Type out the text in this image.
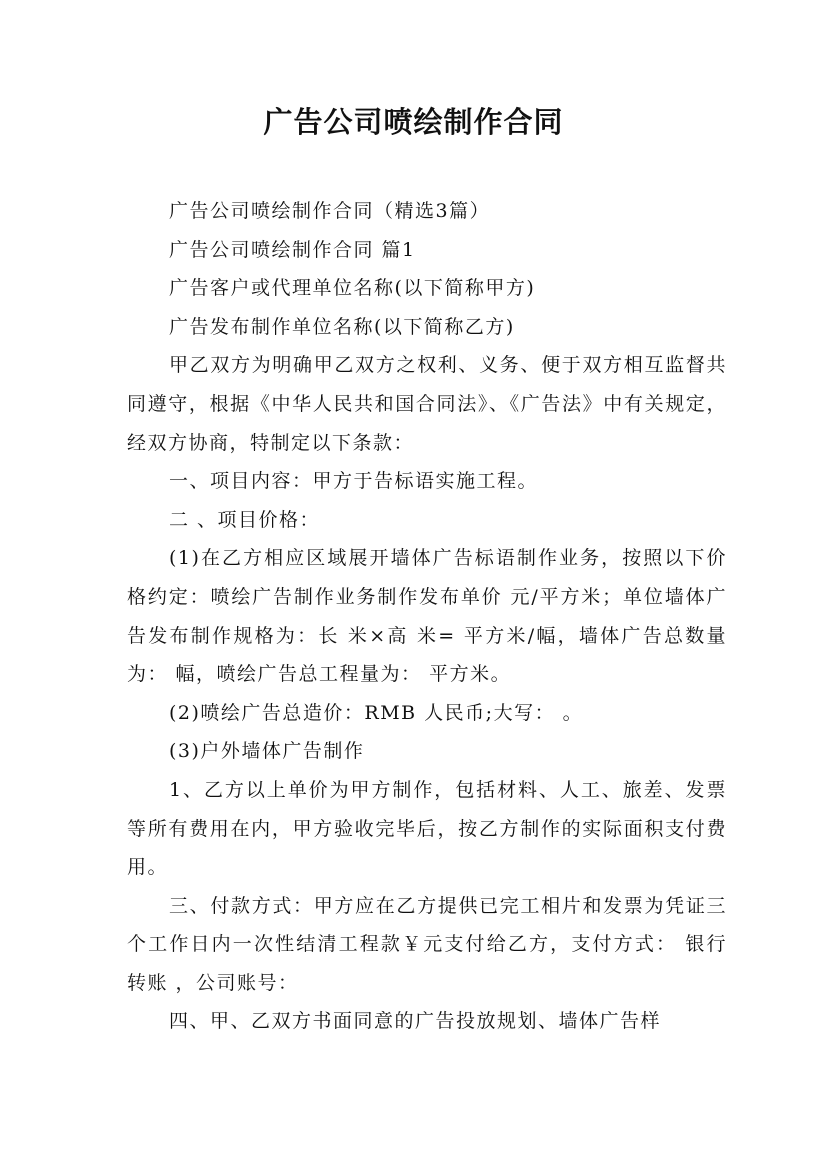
广告公司喷绘制作合同

广告公司喷绘制作合同（精选3篇）

广告公司喷绘制作合同 篇1

广告客户或代理单位名称(以下简称甲方)

广告发布制作单位名称(以下简称乙方)

甲乙双方为明确甲乙双方之权利、义务、便于双方相互监督共同遵守，根据《中华人民共和国合同法》、《广告法》中有关规定，经双方协商，特制定以下条款：

一、项目内容：甲方于告标语实施工程。

二 、项目价格：

(1)在乙方相应区域展开墙体广告标语制作业务，按照以下价格约定：喷绘广告制作业务制作发布单价 元/平方米；单位墙体广告发布制作规格为：长 米×高 米= 平方米/幅，墙体广告总数量为： 幅，喷绘广告总工程量为： 平方米。

(2)喷绘广告总造价：RMB 人民币;大写： 。

(3)户外墙体广告制作

1、乙方以上单价为甲方制作，包括材料、人工、旅差、发票等所有费用在内，甲方验收完毕后，按乙方制作的实际面积支付费用。

三、付款方式：甲方应在乙方提供已完工相片和发票为凭证三个工作日内一次性结清工程款￥元支付给乙方，支付方式： 银行转账 ，公司账号：

四、甲、乙双方书面同意的广告投放规划、墙体广告样
